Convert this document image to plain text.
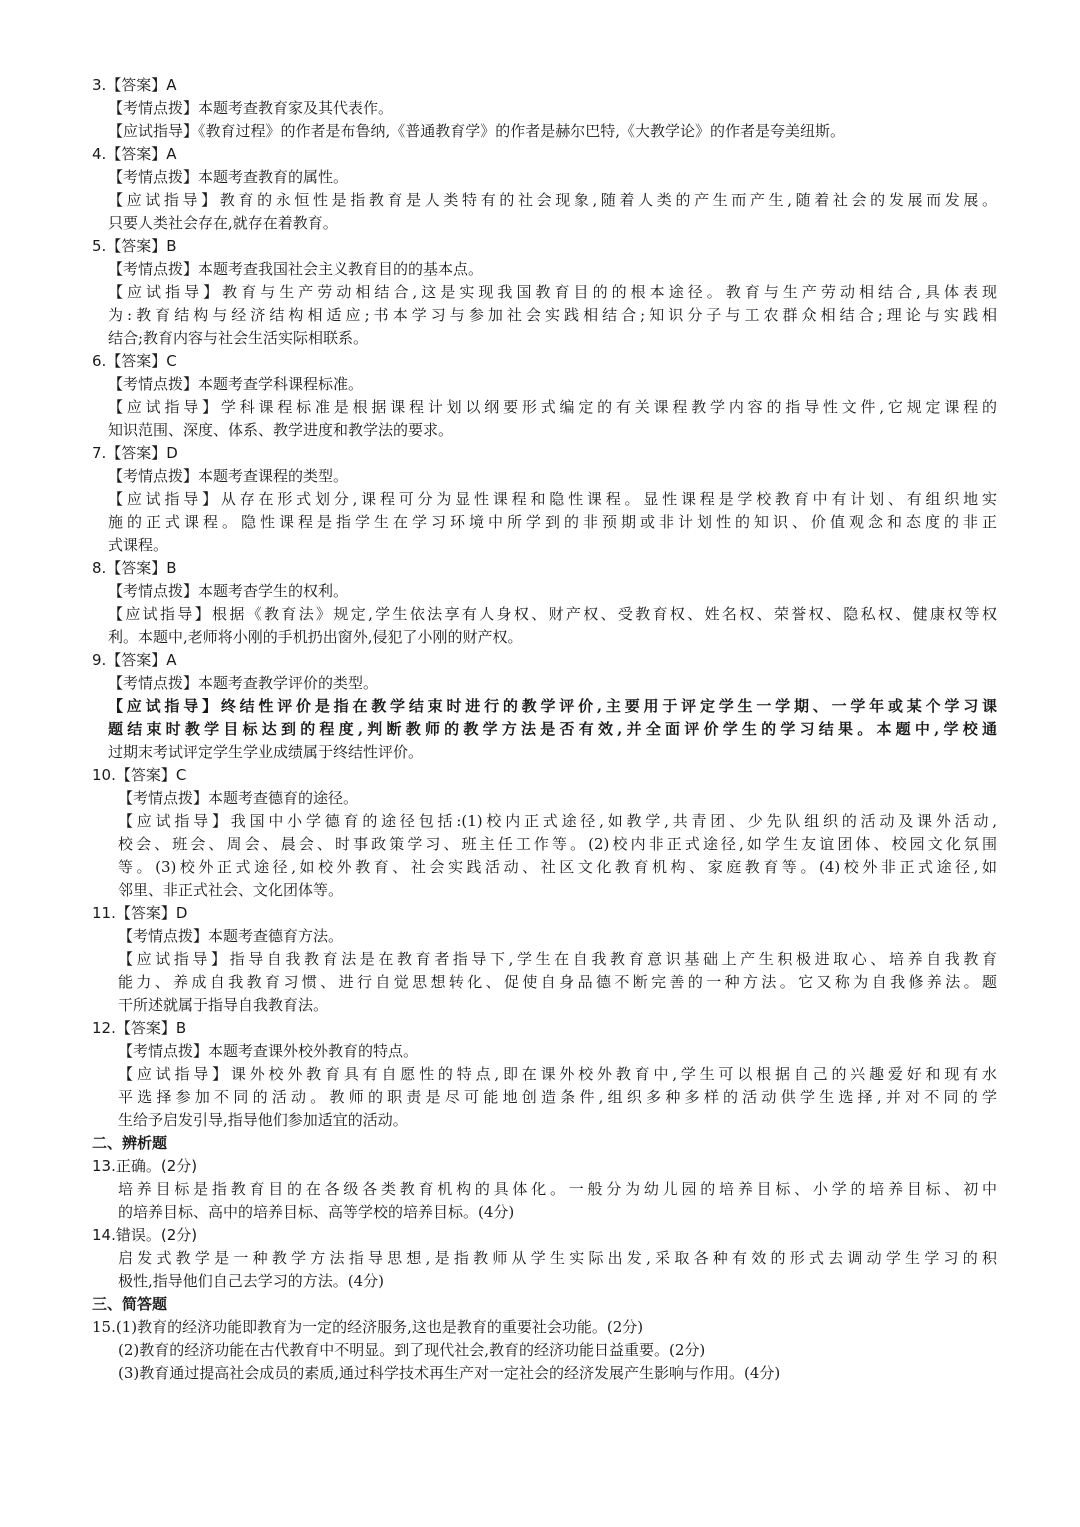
3.【答案】A
【考情点拨】本题考查教育家及其代表作。
【应试指导】《教育过程》的作者是布鲁纳,《普通教育学》的作者是赫尔巴特,《大教学论》的作者是夸美纽斯。
4.【答案】A
【考情点拨】本题考查教育的属性。
【应试指导】教育的永恒性是指教育是人类特有的社会现象,随着人类的产生而产生,随着社会的发展而发展。
只要人类社会存在,就存在着教育。
5.【答案】B
【考情点拨】本题考查我国社会主义教育目的的基本点。
【应试指导】教育与生产劳动相结合,这是实现我国教育目的的根本途径。教育与生产劳动相结合,具体表现
为:教育结构与经济结构相适应;书本学习与参加社会实践相结合;知识分子与工农群众相结合;理论与实践相
结合;教育内容与社会生活实际相联系。
6.【答案】C
【考情点拨】本题考查学科课程标准。
【应试指导】学科课程标准是根据课程计划以纲要形式编定的有关课程教学内容的指导性文件,它规定课程的
知识范围、深度、体系、教学进度和教学法的要求。
7.【答案】D
【考情点拨】本题考查课程的类型。
【应试指导】从存在形式划分,课程可分为显性课程和隐性课程。显性课程是学校教育中有计划、有组织地实
施的正式课程。隐性课程是指学生在学习环境中所学到的非预期或非计划性的知识、价值观念和态度的非正
式课程。
8.【答案】B
【考情点拨】本题考杳学生的权利。
【应试指导】根据《教育法》规定,学生依法享有人身权、财产权、受教育权、姓名权、荣誉权、隐私权、健康权等权
利。本题中,老师将小刚的手机扔出窗外,侵犯了小刚的财产权。
9.【答案】A
【考情点拨】本题考查教学评价的类型。
【应试指导】终结性评价是指在教学结束时进行的教学评价,主要用于评定学生一学期、一学年或某个学习课
题结束时教学目标达到的程度,判断教师的教学方法是否有效,并全面评价学生的学习结果。本题中,学校通
过期末考试评定学生学业成绩属于终结性评价。
10.【答案】C
【考情点拨】本题考查德育的途径。
【应试指导】我国中小学德育的途径包括:(1)校内正式途径,如教学,共青团、少先队组织的活动及课外活动,
校会、班会、周会、晨会、时事政策学习、班主任工作等。(2)校内非正式途径,如学生友谊团体、校园文化氛围
等。(3)校外正式途径,如校外教育、社会实践活动、社区文化教育机构、家庭教育等。(4)校外非正式途径,如
邻里、非正式社会、文化团体等。
11.【答案】D
【考情点拨】本题考查德育方法。
【应试指导】指导自我教育法是在教育者指导下,学生在自我教育意识基础上产生积极进取心、培养自我教育
能力、养成自我教育习惯、进行自觉思想转化、促使自身品德不断完善的一种方法。它又称为自我修养法。题
干所述就属于指导自我教育法。
12.【答案】B
【考情点拨】本题考查课外校外教育的特点。
【应试指导】课外校外教育具有自愿性的特点,即在课外校外教育中,学生可以根据自己的兴趣爱好和现有水
平选择参加不同的活动。教师的职责是尽可能地创造条件,组织多种多样的活动供学生选择,并对不同的学
生给予启发引导,指导他们参加适宜的活动。
二、辨析题
13.正确。(2分)
培养目标是指教育目的在各级各类教育机构的具体化。一般分为幼儿园的培养目标、小学的培养目标、初中
的培养目标、高中的培养目标、高等学校的培养目标。(4分)
14.错误。(2分)
启发式教学是一种教学方法指导思想,是指教师从学生实际出发,采取各种有效的形式去调动学生学习的积
极性,指导他们自己去学习的方法。(4分)
三、简答题
15.(1)教育的经济功能即教育为一定的经济服务,这也是教育的重要社会功能。(2分)
(2)教育的经济功能在古代教育中不明显。到了现代社会,教育的经济功能日益重要。(2分)
(3)教育通过提高社会成员的素质,通过科学技术再生产对一定社会的经济发展产生影响与作用。(4分)
